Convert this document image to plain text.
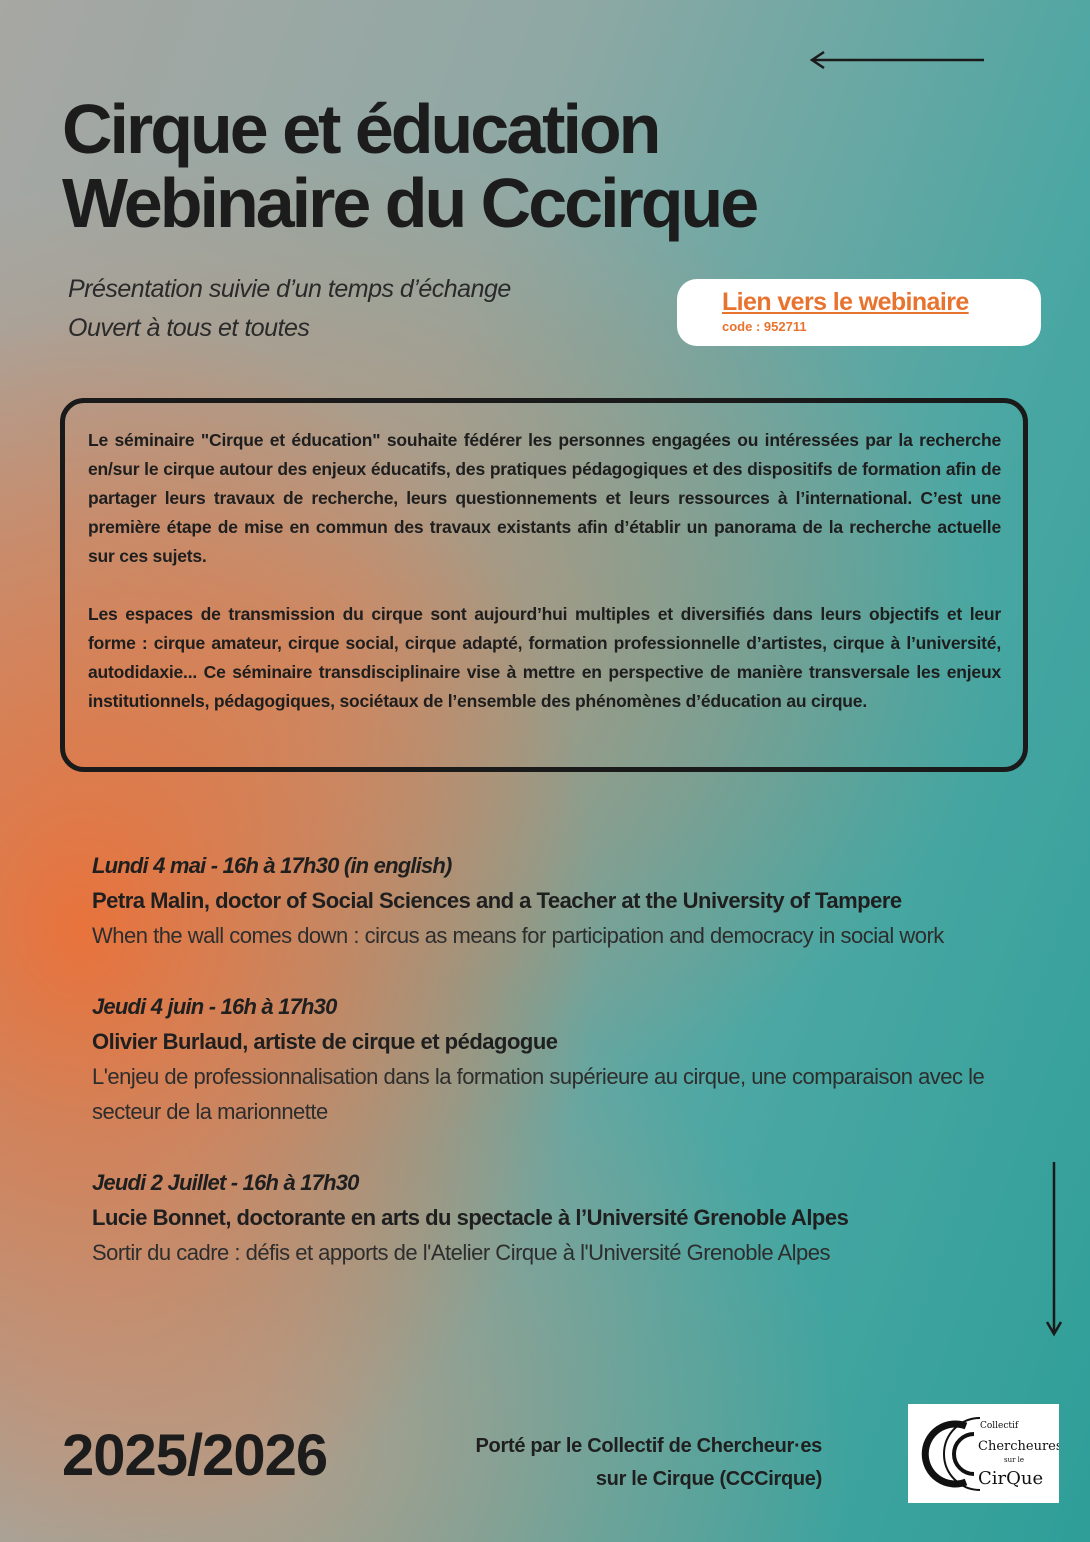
Cirque et éducation
Webinaire du Cccirque
Présentation suivie d’un temps d’échange
Ouvert à tous et toutes
Lien vers le webinaire
code : 952711

Le séminaire "Cirque et éducation" souhaite fédérer les personnes engagées ou intéressées par la recherche en/sur le cirque autour des enjeux éducatifs, des pratiques pédagogiques et des dispositifs de formation afin de partager leurs travaux de recherche, leurs questionnements et leurs ressources à l’international. C’est une première étape de mise en commun des travaux existants afin d’établir un panorama de la recherche actuelle sur ces sujets.

Les espaces de transmission du cirque sont aujourd’hui multiples et diversifiés dans leurs objectifs et leur forme : cirque amateur, cirque social, cirque adapté, formation professionnelle d’artistes, cirque à l’université, autodidaxie... Ce séminaire transdisciplinaire vise à mettre en perspective de manière transversale les enjeux institutionnels, pédagogiques, sociétaux de l’ensemble des phénomènes d’éducation au cirque.

Lundi 4 mai - 16h à 17h30 (in english)
Petra Malin, doctor of Social Sciences and a Teacher at the University of Tampere
When the wall comes down : circus as means for participation and democracy in social work
Jeudi 4 juin - 16h à 17h30
Olivier Burlaud, artiste de cirque et pédagogue
L'enjeu de professionnalisation dans la formation supérieure au cirque, une comparaison avec le secteur de la marionnette
Jeudi 2 Juillet - 16h à 17h30
Lucie Bonnet, doctorante en arts du spectacle à l’Université Grenoble Alpes
Sortir du cadre : défis et apports de l'Atelier Cirque à l'Université Grenoble Alpes
2025/2026	Porté par le Collectif de Chercheur·es
sur le Cirque (CCCirque)
Collectif
Chercheures
sur le
CirQue
